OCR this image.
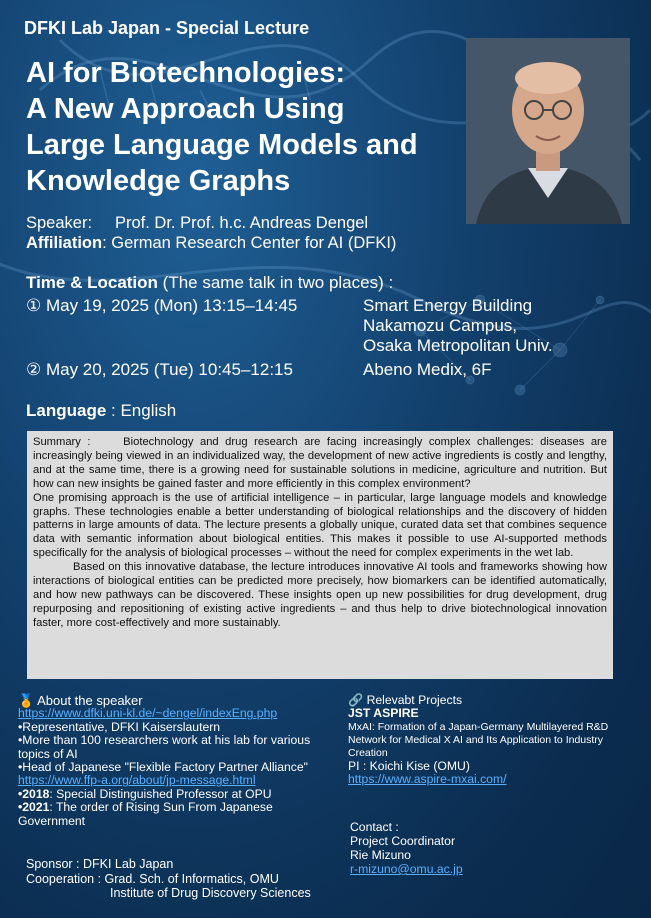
DFKI Lab Japan - Special Lecture
AI for Biotechnologies:
A New Approach Using
Large Language Models and
Knowledge Graphs
Speaker: Prof. Dr. Prof. h.c. Andreas Dengel
Affiliation: German Research Center for AI (DFKI)
Time & Location (The same talk in two places) :
① May 19, 2025 (Mon) 13:15–14:45	Smart Energy Building
Nakamozu Campus,
Osaka Metropolitan Univ.
② May 20, 2025 (Tue) 10:45–12:15	Abeno Medix, 6F
Language : English

Summary :	Biotechnology and drug research are facing increasingly complex challenges: diseases are increasingly being viewed in an individualized way, the development of new active ingredients is costly and lengthy, and at the same time, there is a growing need for sustainable solutions in medicine, agriculture and nutrition. But how can new insights be gained faster and more efficiently in this complex environment?

One promising approach is the use of artificial intelligence – in particular, large language models and knowledge graphs. These technologies enable a better understanding of biological relationships and the discovery of hidden patterns in large amounts of data. The lecture presents a globally unique, curated data set that combines sequence data with semantic information about biological entities. This makes it possible to use AI-supported methods specifically for the analysis of biological processes – without the need for complex experiments in the wet lab.

Based on this innovative database, the lecture introduces innovative AI tools and frameworks showing how interactions of biological entities can be predicted more precisely, how biomarkers can be identified automatically, and how new pathways can be discovered. These insights open up new possibilities for drug development, drug repurposing and repositioning of existing active ingredients – and thus help to drive biotechnological innovation faster, more cost-effectively and more sustainably.

🏅 About the speaker
https://www.dfki.uni-kl.de/~dengel/indexEng.php
•Representative, DFKI Kaiserslautern
•More than 100 researchers work at his lab for various topics of AI
•Head of Japanese "Flexible Factory Partner Alliance"
https://www.ffp-a.org/about/jp-message.html
•2018: Special Distinguished Professor at OPU
•2021: The order of Rising Sun From Japanese Government
🔗 Relevabt Projects
JST ASPIRE
MxAI: Formation of a Japan-Germany Multilayered R&D Network for Medical X AI and Its Application to Industry Creation
PI : Koichi Kise (OMU)
https://www.aspire-mxai.com/
Contact :
Project Coordinator
Rie Mizuno
r-mizuno@omu.ac.jp
Sponsor : DFKI Lab Japan
Cooperation : Grad. Sch. of Informatics, OMU
Institute of Drug Discovery Sciences
